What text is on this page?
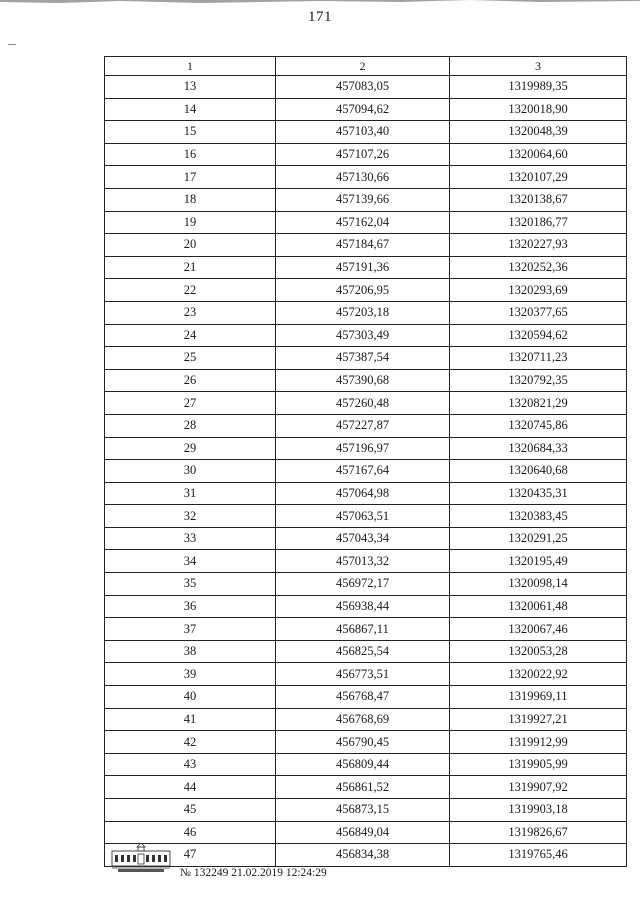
171
1	2	3
13	457083,05	1319989,35
14	457094,62	1320018,90
15	457103,40	1320048,39
16	457107,26	1320064,60
17	457130,66	1320107,29
18	457139,66	1320138,67
19	457162,04	1320186,77
20	457184,67	1320227,93
21	457191,36	1320252,36
22	457206,95	1320293,69
23	457203,18	1320377,65
24	457303,49	1320594,62
25	457387,54	1320711,23
26	457390,68	1320792,35
27	457260,48	1320821,29
28	457227,87	1320745,86
29	457196,97	1320684,33
30	457167,64	1320640,68
31	457064,98	1320435,31
32	457063,51	1320383,45
33	457043,34	1320291,25
34	457013,32	1320195,49
35	456972,17	1320098,14
36	456938,44	1320061,48
37	456867,11	1320067,46
38	456825,54	1320053,28
39	456773,51	1320022,92
40	456768,47	1319969,11
41	456768,69	1319927,21
42	456790,45	1319912,99
43	456809,44	1319905,99
44	456861,52	1319907,92
45	456873,15	1319903,18
46	456849,04	1319826,67
47	456834,38	1319765,46
№ 132249 21.02.2019 12:24:29
